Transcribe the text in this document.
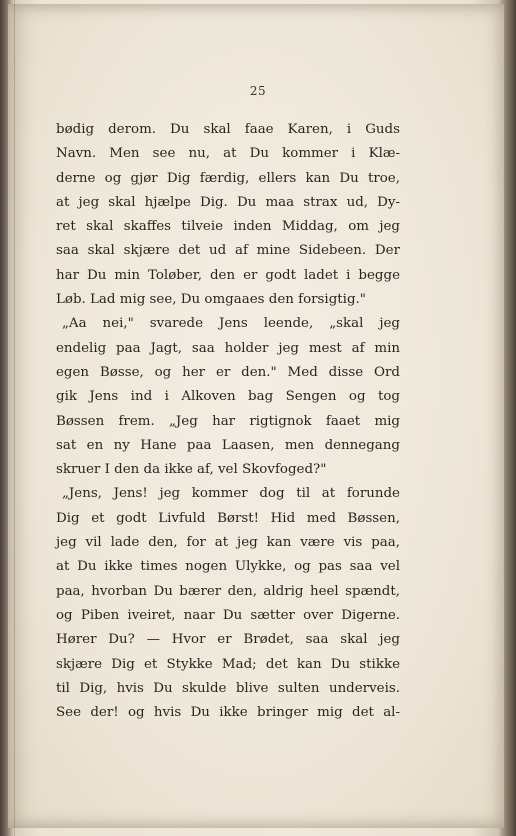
25
bødig derom. Du skal faae Karen, i Guds
Navn. Men see nu, at Du kommer i Klæ-
derne og gjør Dig færdig, ellers kan Du troe,
at jeg skal hjælpe Dig. Du maa strax ud, Dy-
ret skal skaffes tilveie inden Middag, om jeg
saa skal skjære det ud af mine Sidebeen. Der
har Du min Toløber, den er godt ladet i begge
Løb. Lad mig see, Du omgaaes den forsigtig."
„Aa nei," svarede Jens leende, „skal jeg
endelig paa Jagt, saa holder jeg mest af min
egen Bøsse, og her er den." Med disse Ord
gik Jens ind i Alkoven bag Sengen og tog
Bøssen frem. „Jeg har rigtignok faaet mig
sat en ny Hane paa Laasen, men dennegang
skruer I den da ikke af, vel Skovfoged?"
„Jens, Jens! jeg kommer dog til at forunde
Dig et godt Livfuld Børst! Hid med Bøssen,
jeg vil lade den, for at jeg kan være vis paa,
at Du ikke times nogen Ulykke, og pas saa vel
paa, hvorban Du bærer den, aldrig heel spændt,
og Piben iveiret, naar Du sætter over Digerne.
Hører Du? — Hvor er Brødet, saa skal jeg
skjære Dig et Stykke Mad; det kan Du stikke
til Dig, hvis Du skulde blive sulten underveis.
See der! og hvis Du ikke bringer mig det al-
